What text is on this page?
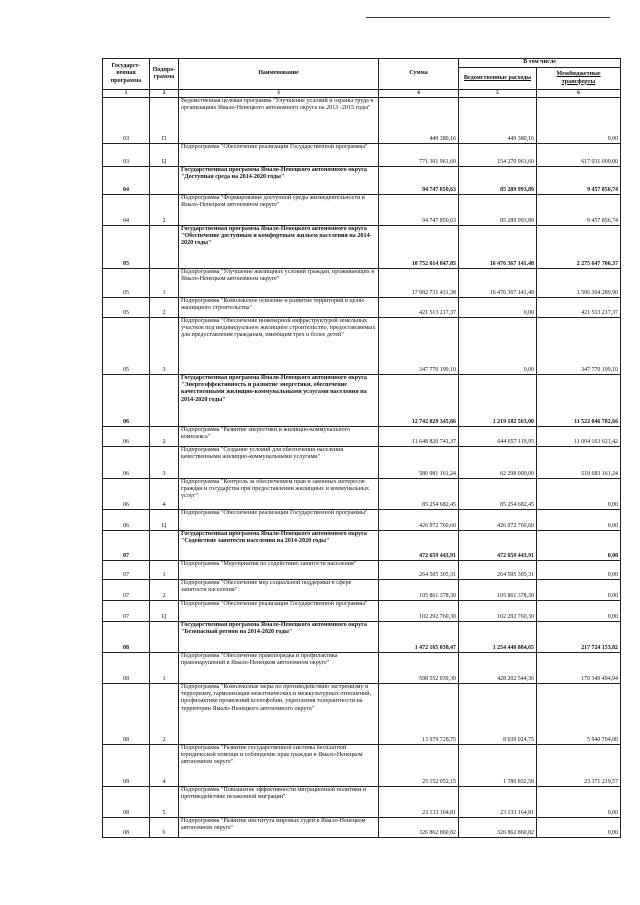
Государст-венная программа	Подпро-грамма	Наименование	Сумма	В том числе	
				Ведомственные расходы	Межбюджетные трансферты
1	2	3	4	5	6
03	П	Ведомственная целевая программа "Улучшение условий и охраны труда в организациях Ямало-Ненецкого автономного округа на 2013 -2015 годы"	449 380,16	449 380,16	0,00
03	Ц	Подпрограмма "Обеспечение реализации Государственной программы"	771 301 961,60	154 270 961,60	617 031 000,00
04		Государственная программа Ямало-Ненецкого автономного округа "Доступная среда на 2014-2020 годы"	94 747 850,63	85 289 993,89	9 457 856,74
04	2	Подпрограмма "Формирование доступной среды жизнедеятельности в Ямало-Ненецком автономном округе"	94 747 850,63	85 289 993,89	9 457 856,74
05		Государственная программа Ямало-Ненецкого автономного округа "Обеспечение доступным и комфортным жильем населения на 2014-2020 годы"	18 752 014 847,85	16 476 367 141,48	2 275 647 706,37
05	1	Подпрограмма "Улучшение жилищных условий граждан, проживающих в Ямало-Ненецком автономном округе"	17 982 731 431,38	16 476 367 141,48	1 506 364 289,90
05	2	Подпрограмма "Комплексное освоение и развитие территорий в целях жилищного строительства"	421 513 217,37	0,00	421 513 217,37
05	3	Подпрограмма "Обеспечение инженерной инфраструктурой земельных участков под индивидуальное жилищное строительство, предоставляемых для предоставления гражданам, имеющим трех и более детей"	347 770 199,10	0,00	347 770 199,10
06		Государственная программа Ямало-Ненецкого автономного округа "Энергоэффективность и развитие энергетики, обеспечение качественными жилищно-коммунальными услугами населения на 2014-2020 годы"	12 742 029 345,66	1 219 182 563,00	11 522 846 782,66
06	2	Подпрограмма "Развитие энергетики и жилищно-коммунального комплекса"	11 648 820 741,37	644 657 119,95	11 004 163 621,42
06	3	Подпрограмма "Создание условий для обеспечения населения качественными жилищно-коммунальными услугами"	580 981 161,24	62 298 000,00	518 683 161,24
06	4	Подпрограмма "Контроль за обеспечением прав и законных интересов граждан и государства при предоставлении жилищных и коммунальных услуг"	85 254 682,45	85 254 682,45	0,00
06	Ц	Подпрограмма "Обеспечение реализации Государственной программы"	426 972 760,60	426 972 760,60	0,00
07		Государственная программа Ямало-Ненецкого автономного округа "Содействие занятости населения на 2014-2020 годы"	472 659 443,91	472 659 443,91	0,00
07	1	Подпрограмма "Мероприятия по содействию занятости населения"	264 505 305,31	264 505 305,31	0,00
07	2	Подпрограмма "Обеспечение мер социальной поддержки в сфере занятости населения"	105 861 378,30	105 861 378,30	0,00
07	Ц	Подпрограмма "Обеспечение реализации Государственной программы"	102 292 760,30	102 292 760,30	0,00
08		Государственная программа Ямало-Ненецкого автономного округа "Безопасный регион на 2014-2020 годы"	1 472 165 038,47	1 254 440 884,65	217 724 153,82
08	1	Подпрограмма "Обеспечение правопорядка и профилактика правонарушений в Ямало-Ненецком автономном округе"	598 552 039,30	428 202 544,36	170 349 494,94
08	2	Подпрограмма "Комплексные меры по противодействию экстремизму и терроризму, гармонизация межэтнических и межкультурных отношений, профилактике проявлений ксенофобии, укрепления толерантности на территории Ямало-Ненецкого автономного округа"	13 979 728,75	8 039 024,75	5 940 704,00
08	4	Подпрограмма "Развитие государственной системы бесплатной юридической помощи и соблюдение прав граждан в Ямало-Ненецком автономном округе"	25 152 052,15	1 780 832,58	23 371 219,57
08	5	Подпрограмма "Повышение эффективности миграционной политики и противодействие незаконной миграции"	23 133 164,81	23 133 164,81	0,00
08	6	Подпрограмма "Развитие института мировых судей в Ямало-Ненецком автономном округе"	326 862 860,82	326 862 860,82	0,00
